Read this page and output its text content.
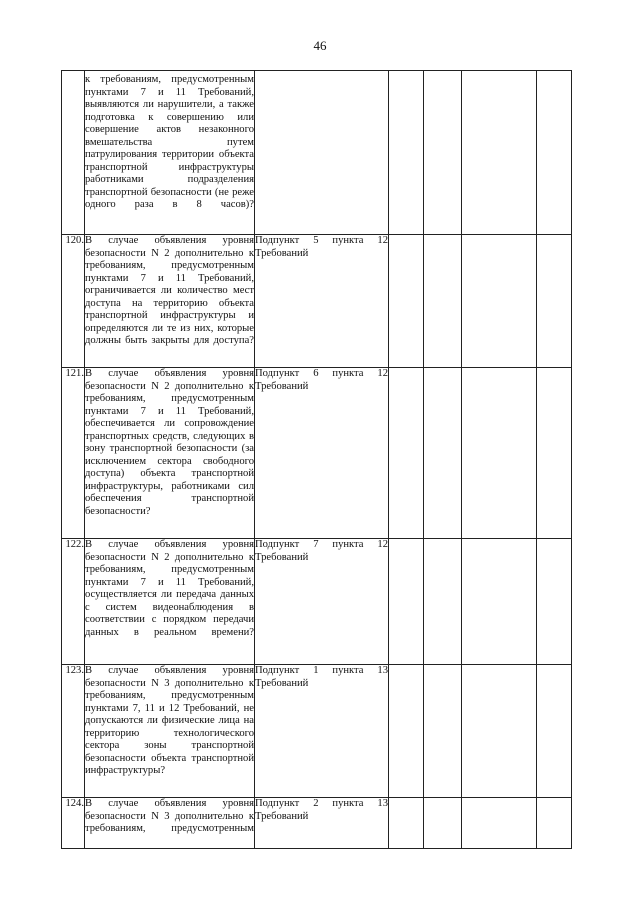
46

	к требованиям, предусмотренным пунктами 7 и 11 Требований, выявляются ли нарушители, а также подготовка к совершению или совершение актов незаконного вмешательства путем патрулирования территории объекта транспортной инфраструктуры работниками подразделения транспортной безопасности (не реже одного раза в 8 часов)?					

120.	В случае объявления уровня безопасности N 2 дополнительно к требованиям, предусмотренным пунктами 7 и 11 Требований, ограничивается ли количество мест доступа на территорию объекта транспортной инфраструктуры и определяются ли те из них, которые должны быть закрыты для доступа?	Подпункт 5 пункта 12 Требований				
121.	В случае объявления уровня безопасности N 2 дополнительно к требованиям, предусмотренным пунктами 7 и 11 Требований, обеспечивается ли сопровождение транспортных средств, следующих в зону транспортной безопасности (за исключением сектора свободного доступа) объекта транспортной инфраструктуры, работниками сил обеспечения транспортной безопасности?	Подпункт 6 пункта 12 Требований				
122.	В случае объявления уровня безопасности N 2 дополнительно к требованиям, предусмотренным пунктами 7 и 11 Требований, осуществляется ли передача данных с систем видеонаблюдения в соответствии с порядком передачи данных в реальном времени?	Подпункт 7 пункта 12 Требований				
123.	В случае объявления уровня безопасности N 3 дополнительно к требованиям, предусмотренным пунктами 7, 11 и 12 Требований, не допускаются ли физические лица на территорию технологического сектора зоны транспортной безопасности объекта транспортной инфраструктуры?	Подпункт 1 пункта 13 Требований				
124.	В случае объявления уровня безопасности N 3 дополнительно к требованиям, предусмотренным	Подпункт 2 пункта 13 Требований				
